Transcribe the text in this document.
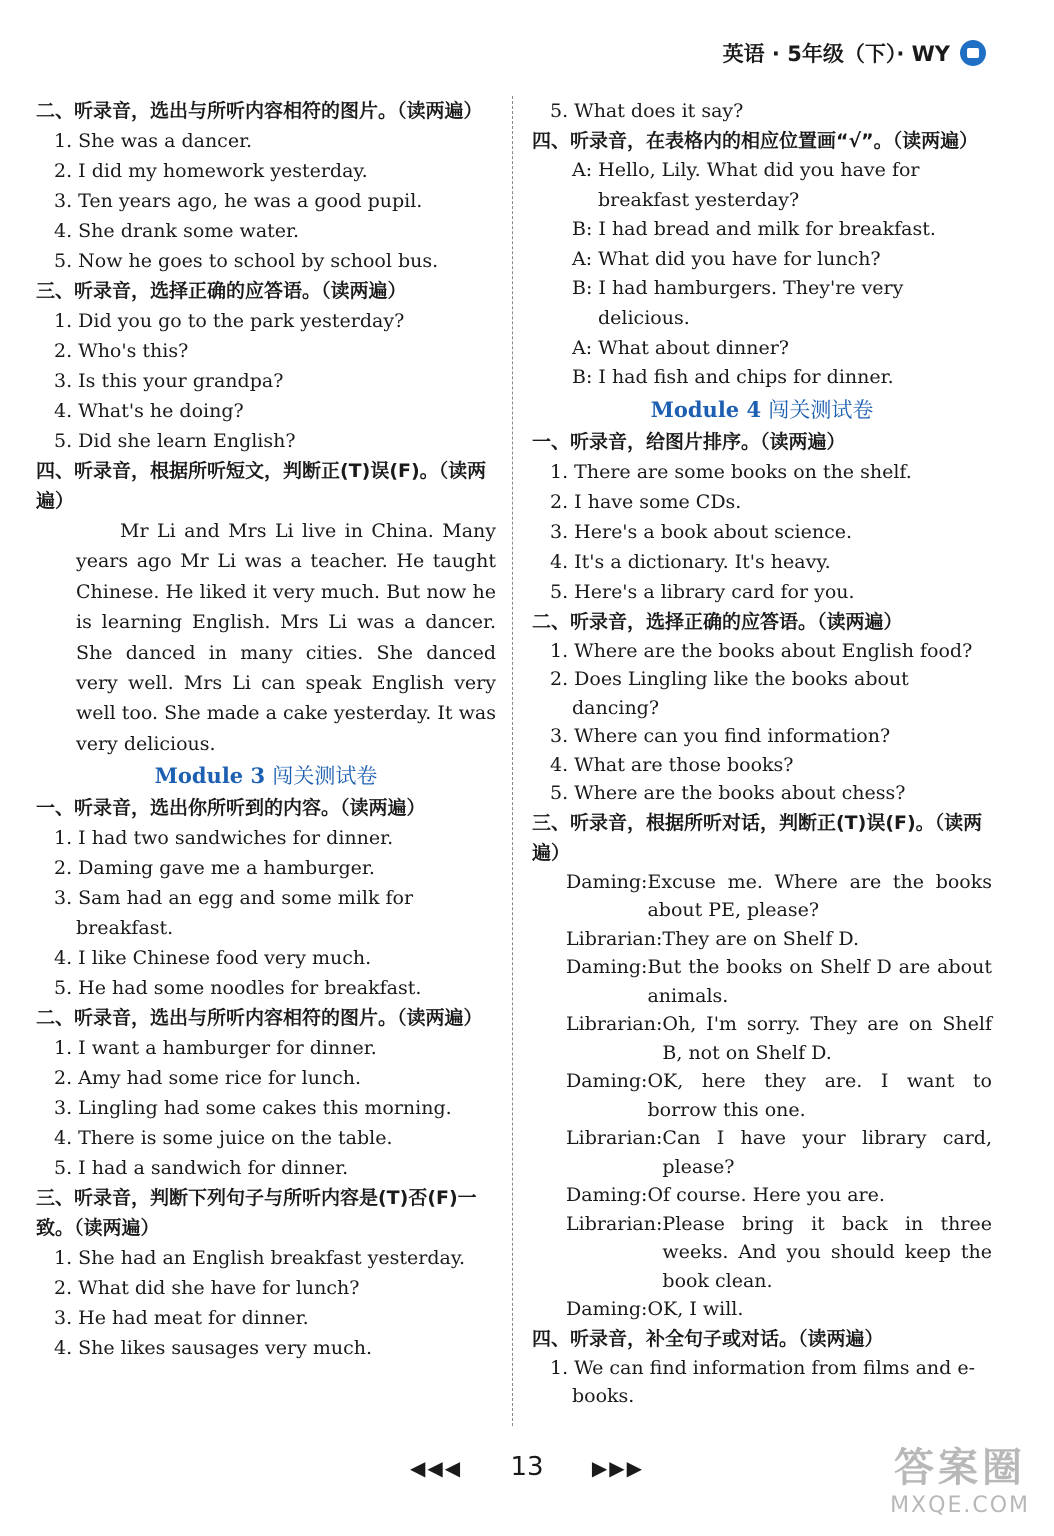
英语 · 5年级（下）· WY

二、听录音，选出与所听内容相符的图片。（读两遍）

1. She was a dancer.

2. I did my homework yesterday.

3. Ten years ago, he was a good pupil.

4. She drank some water.

5. Now he goes to school by school bus.

三、听录音，选择正确的应答语。（读两遍）

1. Did you go to the park yesterday?

2. Who's this?

3. Is this your grandpa?

4. What's he doing?

5. Did she learn English?

四、听录音，根据所听短文，判断正(T)误(F)。（读两遍）

Mr Li and Mrs Li live in China. Many years ago Mr Li was a teacher. He taught Chinese. He liked it very much. But now he is learning English. Mrs Li was a dancer. She danced in many cities. She danced very well. Mrs Li can speak English very well too. She made a cake yesterday. It was very delicious.

Module 3 闯关测试卷

一、听录音，选出你所听到的内容。（读两遍）

1. I had two sandwiches for dinner.

2. Daming gave me a hamburger.

3. Sam had an egg and some milk for breakfast.

4. I like Chinese food very much.

5. He had some noodles for breakfast.

二、听录音，选出与所听内容相符的图片。（读两遍）

1. I want a hamburger for dinner.

2. Amy had some rice for lunch.

3. Lingling had some cakes this morning.

4. There is some juice on the table.

5. I had a sandwich for dinner.

三、听录音，判断下列句子与所听内容是(T)否(F)一致。（读两遍）

1. She had an English breakfast yesterday.

2. What did she have for lunch?

3. He had meat for dinner.

4. She likes sausages very much.

5. What does it say?

四、听录音，在表格内的相应位置画“√”。（读两遍）

A: Hello, Lily. What did you have for breakfast yesterday?

B: I had bread and milk for breakfast.

A: What did you have for lunch?

B: I had hamburgers. They're very delicious.

A: What about dinner?

B: I had fish and chips for dinner.

Module 4 闯关测试卷

一、听录音，给图片排序。（读两遍）

1. There are some books on the shelf.

2. I have some CDs.

3. Here's a book about science.

4. It's a dictionary. It's heavy.

5. Here's a library card for you.

二、听录音，选择正确的应答语。（读两遍）

1. Where are the books about English food?

2. Does Lingling like the books about dancing?

3. Where can you find information?

4. What are those books?

5. Where are the books about chess?

三、听录音，根据所听对话，判断正(T)误(F)。（读两遍）

Daming: Excuse me. Where are the books about PE, please?
Librarian: They are on Shelf D.
Daming: But the books on Shelf D are about animals.
Librarian: Oh, I'm sorry. They are on Shelf B, not on Shelf D.
Daming: OK, here they are. I want to borrow this one.
Librarian: Can I have your library card, please?
Daming: Of course. Here you are.
Librarian: Please bring it back in three weeks. And you should keep the book clean.
Daming: OK, I will.

四、听录音，补全句子或对话。（读两遍）

1. We can find information from films and e-books.

◀◀◀ 13 ▶▶▶	答案圈
MXQE.COM
